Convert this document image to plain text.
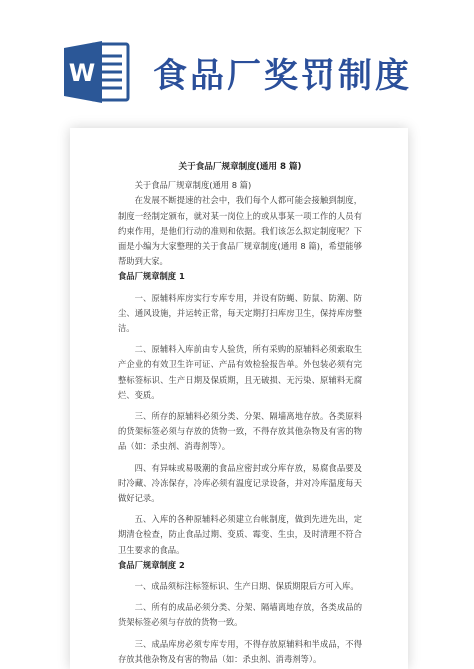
W 食品厂奖罚制度

关于食品厂规章制度(通用 8 篇)

关于食品厂规章制度(通用 8 篇)

在发展不断提速的社会中，我们每个人都可能会接触到制度，制度一经制定颁布，就对某一岗位上的或从事某一项工作的人员有约束作用，是他们行动的准则和依据。我们该怎么拟定制度呢？下面是小编为大家整理的关于食品厂规章制度(通用 8 篇)，希望能够帮助到大家。

食品厂规章制度 1

一、原辅料库房实行专库专用，并设有防蝇、防鼠、防潮、防尘、通风设施，并运转正常，每天定期打扫库房卫生，保持库房整洁。

二、原辅料入库前由专人验货，所有采购的原辅料必须索取生产企业的有效卫生许可证、产品有效检验报告单。外包装必须有完整标签标识、生产日期及保质期，且无破损、无污染、原辅料无腐烂、变质。

三、所存的原辅料必须分类、分架、隔墙离地存放。各类原料的货架标签必须与存放的货物一致，不得存放其他杂物及有害的物品（如：杀虫剂、消毒剂等）。

四、有异味或易吸潮的食品应密封或分库存放，易腐食品要及时冷藏、冷冻保存，冷库必须有温度记录设备，并对冷库温度每天做好记录。

五、入库的各种原辅料必须建立台帐制度，做到先进先出，定期清仓检查，防止食品过期、变质、霉变、生虫，及时清理不符合卫生要求的食品。

食品厂规章制度 2

一、成品须标注标签标识、生产日期、保质期限后方可入库。

二、所有的成品必须分类、分架、隔墙离地存放，各类成品的货架标签必须与存放的货物一致。

三、成品库房必须专库专用，不得存放原辅料和半成品，不得存放其他杂物及有害的物品（如：杀虫剂、消毒剂等）。
